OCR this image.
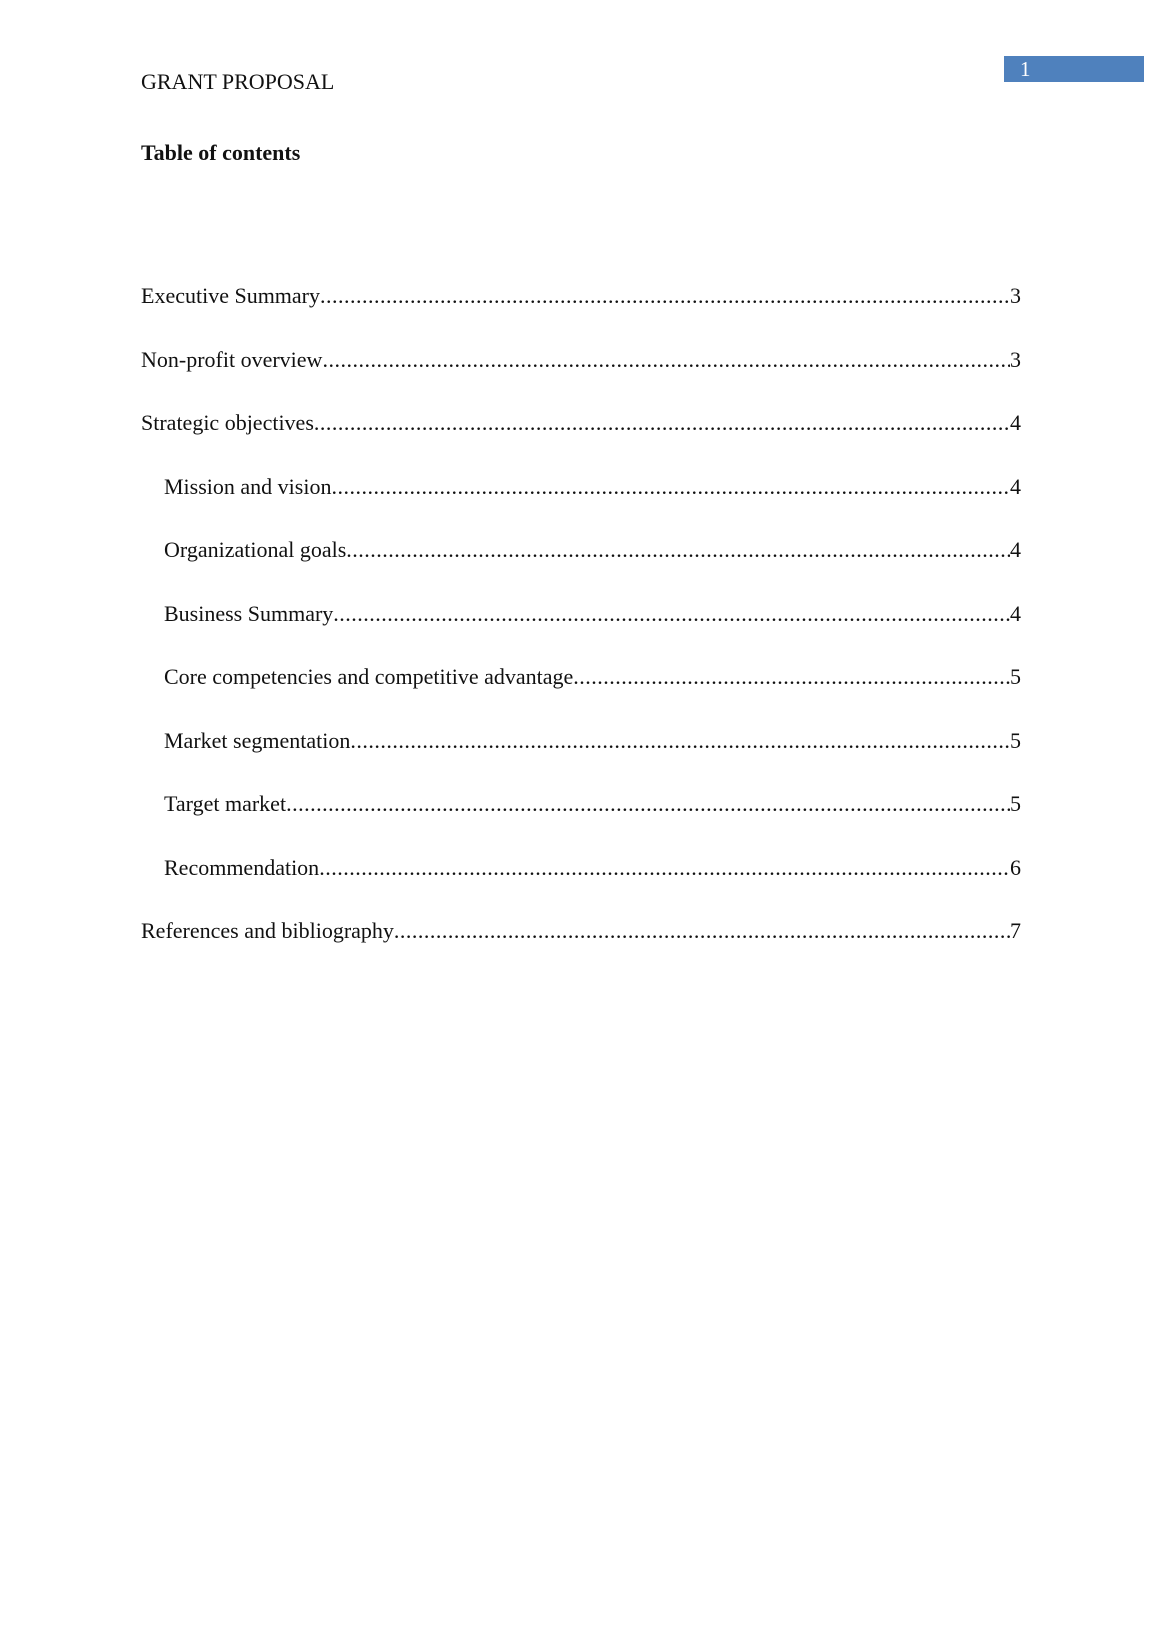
1
GRANT PROPOSAL
Table of contents
Executive Summary .....	3
Non-profit overview .....	3
Strategic objectives .....	4
Mission and vision .....	4
Organizational goals .....	4
Business Summary .....	4
Core competencies and competitive advantage .....	5
Market segmentation .....	5
Target market .....	5
Recommendation .....	6
References and bibliography .....	7
